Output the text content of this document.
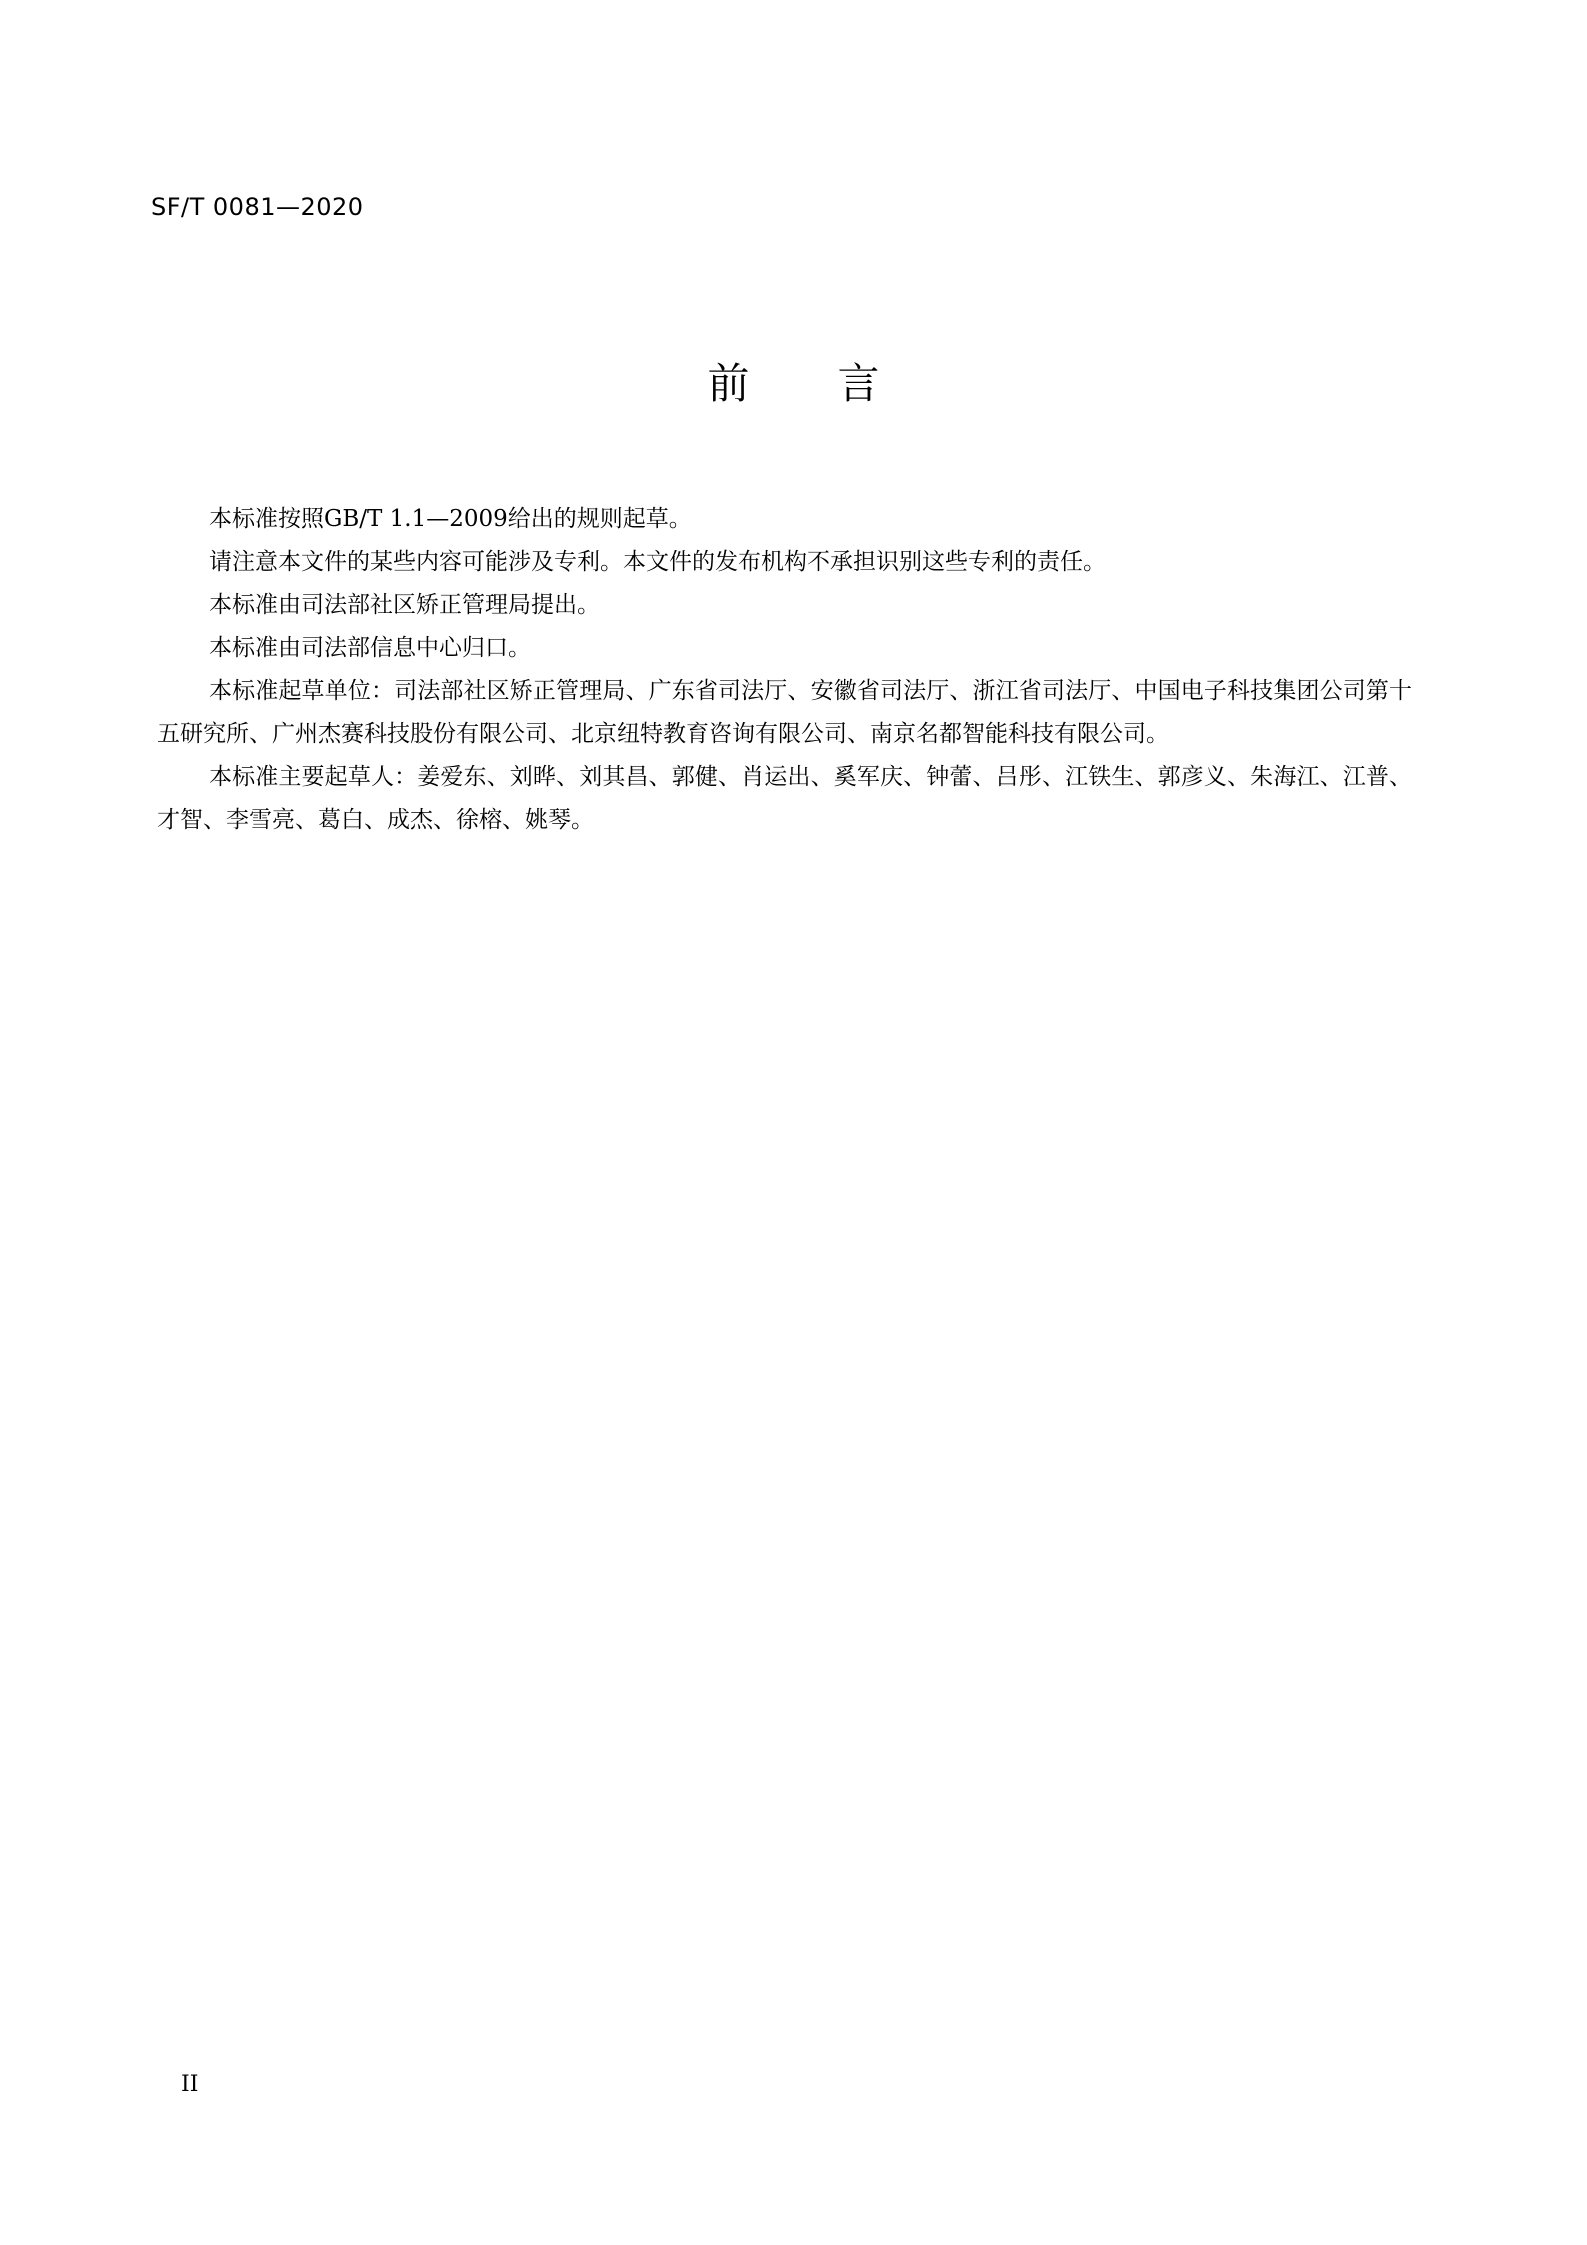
SF/T 0081—2020
前 言

本标准按照GB/T 1.1—2009给出的规则起草。

请注意本文件的某些内容可能涉及专利。本文件的发布机构不承担识别这些专利的责任。

本标准由司法部社区矫正管理局提出。

本标准由司法部信息中心归口。

本标准起草单位：司法部社区矫正管理局、广东省司法厅、安徽省司法厅、浙江省司法厅、中国电子科技集团公司第十五研究所、广州杰赛科技股份有限公司、北京纽特教育咨询有限公司、南京名都智能科技有限公司。

本标准主要起草人：姜爱东、刘晔、刘其昌、郭健、肖运出、奚军庆、钟蕾、吕彤、江铁生、郭彦义、朱海江、江普、才智、李雪亮、葛白、成杰、徐榕、姚琴。

II
